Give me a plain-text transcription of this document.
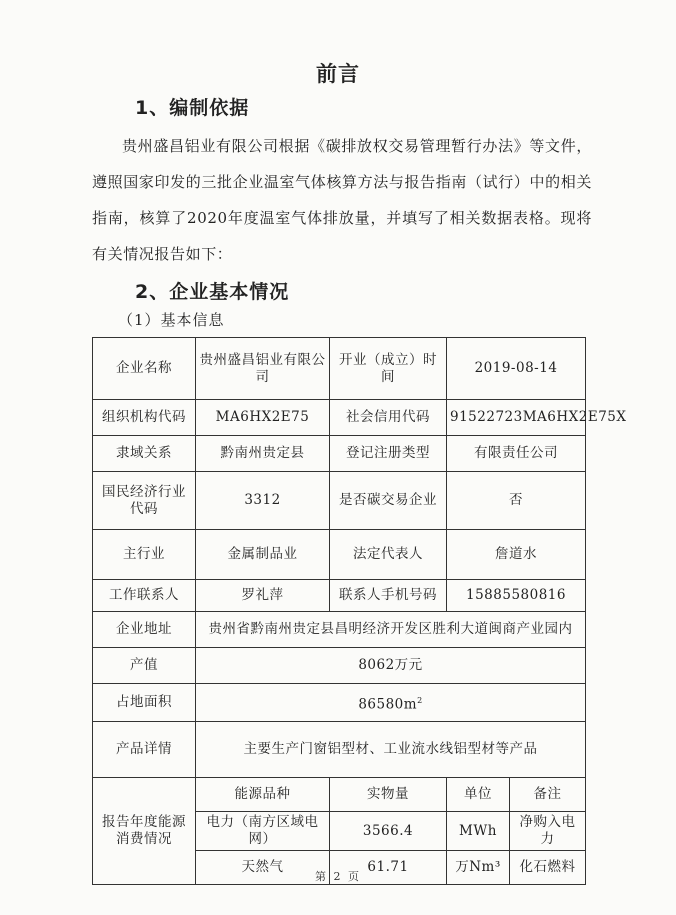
前言
1、编制依据
贵州盛昌铝业有限公司根据《碳排放权交易管理暂行办法》等文件，遵照国家印发的三批企业温室气体核算方法与报告指南（试行）中的相关指南，核算了2020年度温室气体排放量，并填写了相关数据表格。现将有关情况报告如下：
2、企业基本情况
（1）基本信息
企业名称	贵州盛昌铝业有限公司	开业（成立）时间	2019-08-14	
组织机构代码	MA6HX2E75	社会信用代码	91522723MA6HX2E75X	
隶域关系	黔南州贵定县	登记注册类型	有限责任公司	
国民经济行业代码	3312	是否碳交易企业	否	
主行业	金属制品业	法定代表人	詹道水	
工作联系人	罗礼萍	联系人手机号码	15885580816	
企业地址	贵州省黔南州贵定县昌明经济开发区胜利大道闽商产业园内			
产值	8062万元			
占地面积	$86580m^2$
产品详情	主要生产门窗铝型材、工业流水线铝型材等产品			
报告年度能源消费情况	能源品种	实物量	单位	备注
	电力（南方区域电网）	3566.4	MWh	净购入电力
	天然气	61.71	万Nm³	化石燃料
第 2 页
